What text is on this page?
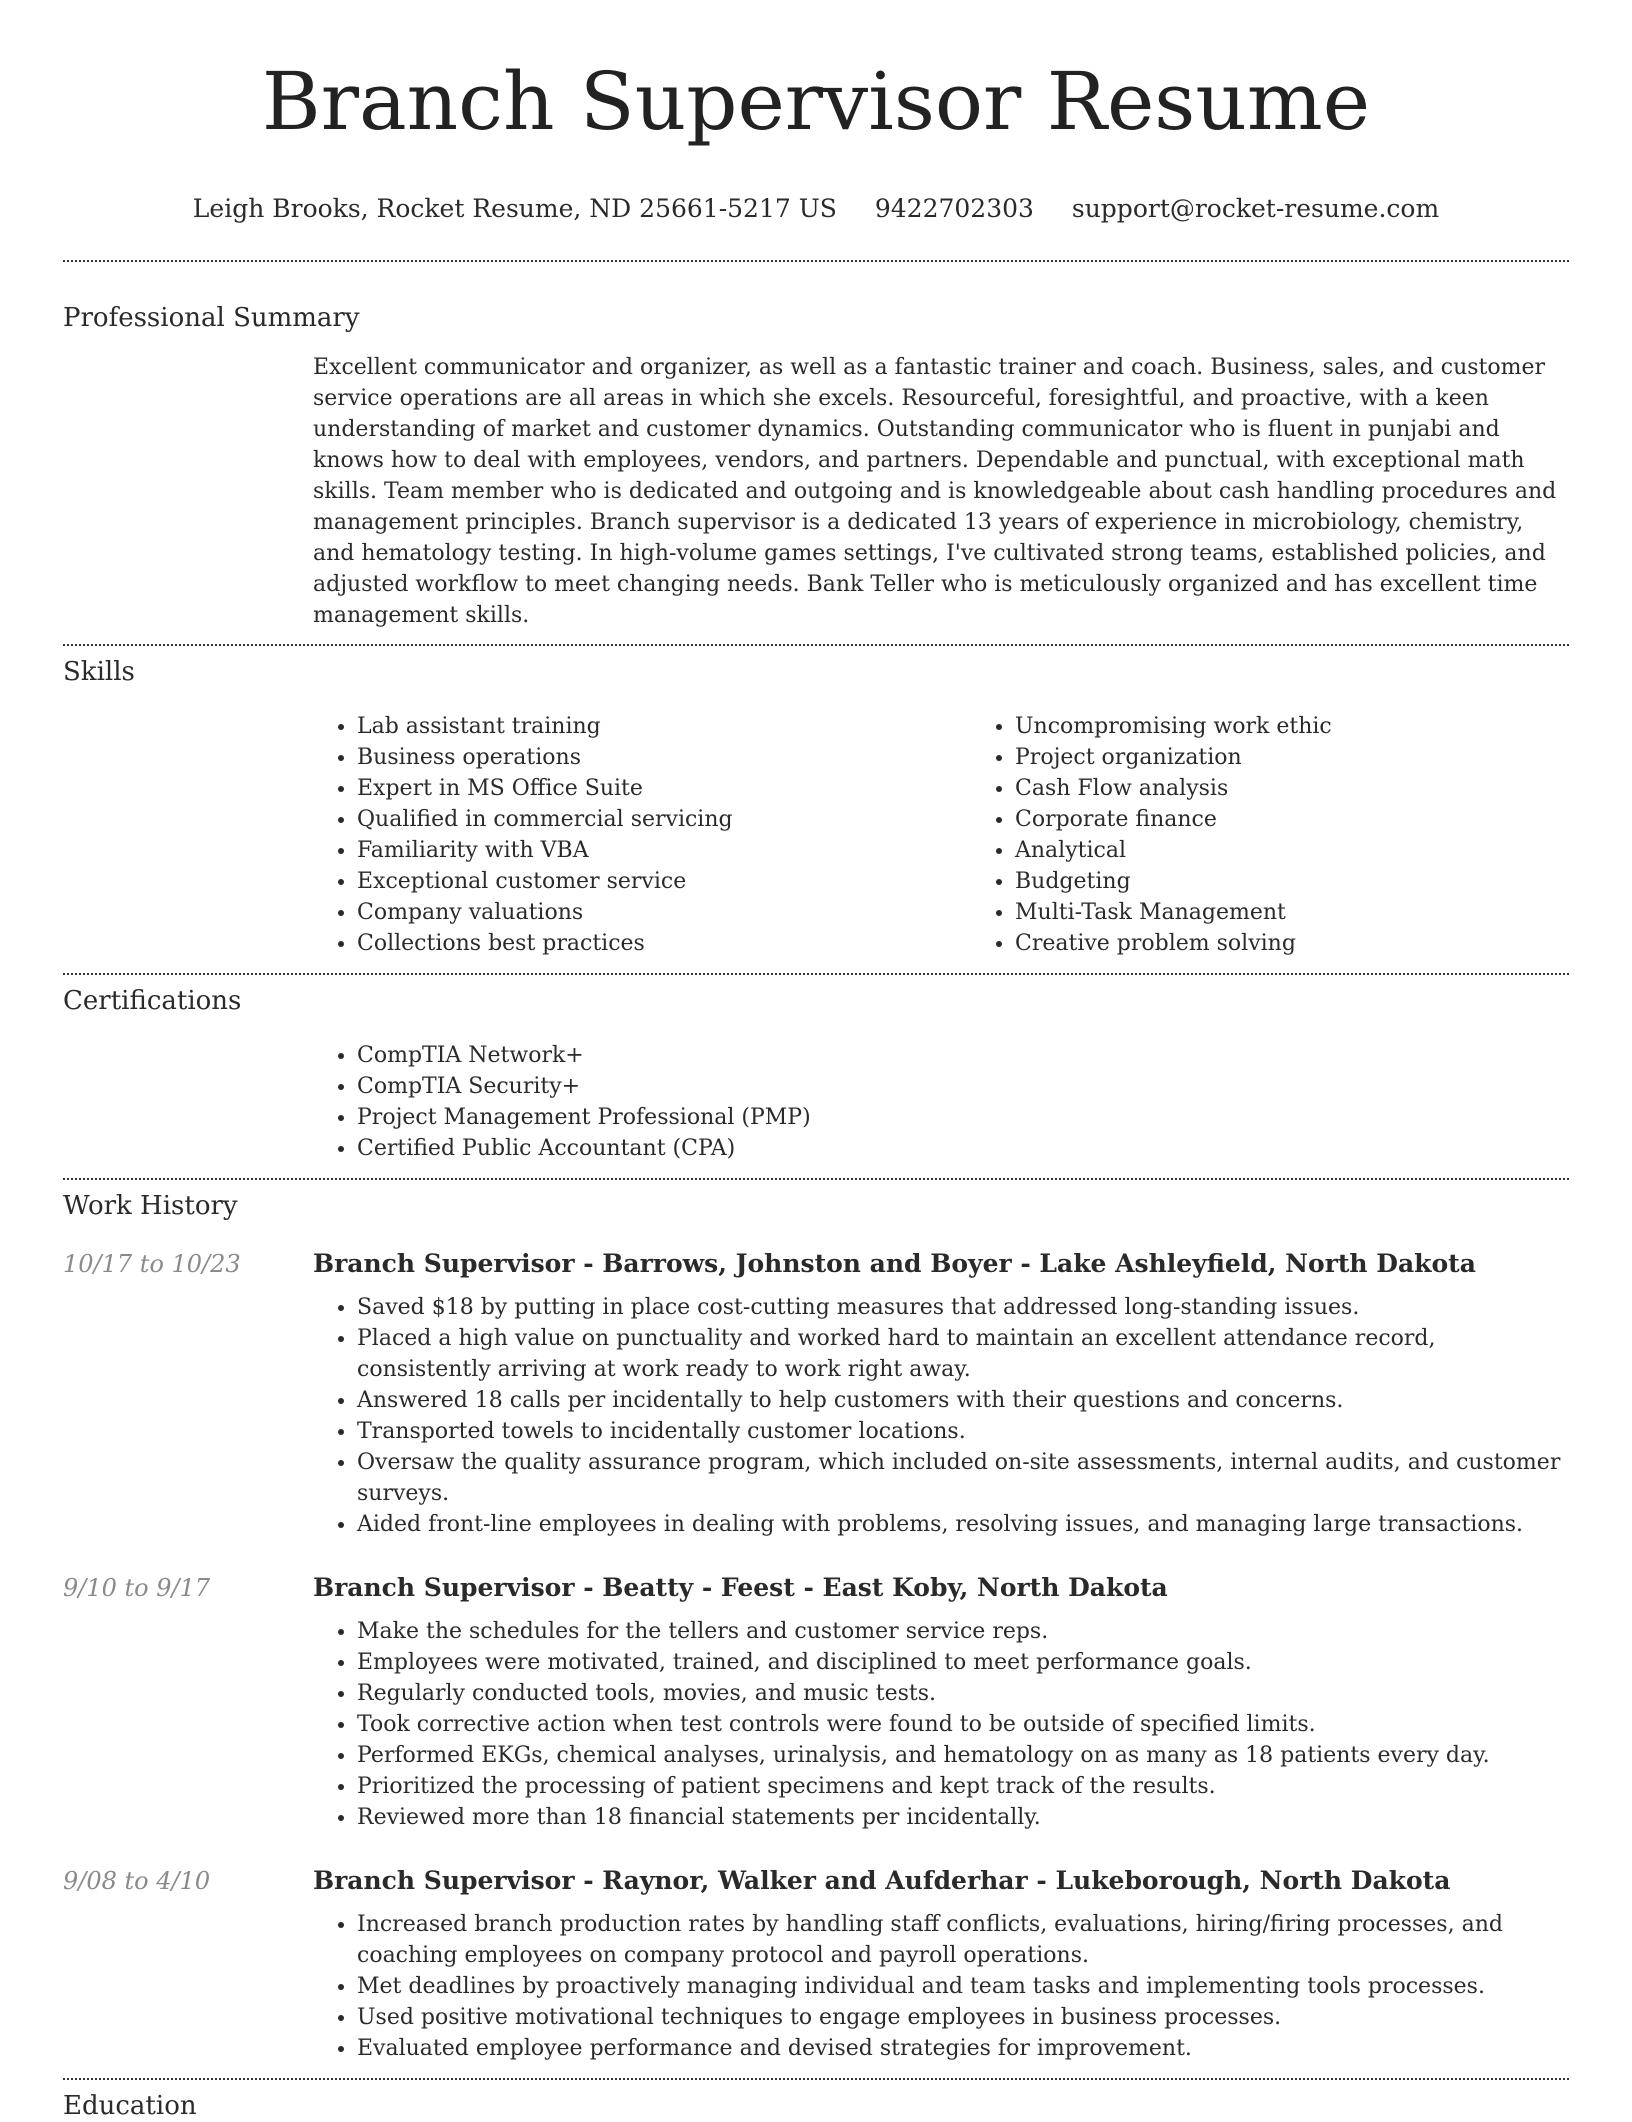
Branch Supervisor Resume
Leigh Brooks, Rocket Resume, ND 25661-5217 US 9422702303 support@rocket-resume.com
Professional Summary

Excellent communicator and organizer, as well as a fantastic trainer and coach. Business, sales, and customer service operations are all areas in which she excels. Resourceful, foresightful, and proactive, with a keen understanding of market and customer dynamics. Outstanding communicator who is fluent in punjabi and knows how to deal with employees, vendors, and partners. Dependable and punctual, with exceptional math skills. Team member who is dedicated and outgoing and is knowledgeable about cash handling procedures and management principles. Branch supervisor is a dedicated 13 years of experience in microbiology, chemistry, and hematology testing. In high-volume games settings, I've cultivated strong teams, established policies, and adjusted workflow to meet changing needs. Bank Teller who is meticulously organized and has excellent time management skills.

Skills
• Lab assistant training
• Business operations
• Expert in MS Office Suite
• Qualified in commercial servicing
• Familiarity with VBA
• Exceptional customer service
• Company valuations
• Collections best practices
• Uncompromising work ethic
• Project organization
• Cash Flow analysis
• Corporate finance
• Analytical
• Budgeting
• Multi-Task Management
• Creative problem solving
Certifications
• CompTIA Network+
• CompTIA Security+
• Project Management Professional (PMP)
• Certified Public Accountant (CPA)
Work History
10/17 to 10/23	Branch Supervisor - Barrows, Johnston and Boyer - Lake Ashleyfield, North Dakota
• Saved $18 by putting in place cost-cutting measures that addressed long-standing issues.
• Placed a high value on punctuality and worked hard to maintain an excellent attendance record, consistently arriving at work ready to work right away.
• Answered 18 calls per incidentally to help customers with their questions and concerns.
• Transported towels to incidentally customer locations.
• Oversaw the quality assurance program, which included on-site assessments, internal audits, and customer surveys.
• Aided front-line employees in dealing with problems, resolving issues, and managing large transactions.
9/10 to 9/17	Branch Supervisor - Beatty - Feest - East Koby, North Dakota
• Make the schedules for the tellers and customer service reps.
• Employees were motivated, trained, and disciplined to meet performance goals.
• Regularly conducted tools, movies, and music tests.
• Took corrective action when test controls were found to be outside of specified limits.
• Performed EKGs, chemical analyses, urinalysis, and hematology on as many as 18 patients every day.
• Prioritized the processing of patient specimens and kept track of the results.
• Reviewed more than 18 financial statements per incidentally.
9/08 to 4/10	Branch Supervisor - Raynor, Walker and Aufderhar - Lukeborough, North Dakota
• Increased branch production rates by handling staff conflicts, evaluations, hiring/firing processes, and coaching employees on company protocol and payroll operations.
• Met deadlines by proactively managing individual and team tasks and implementing tools processes.
• Used positive motivational techniques to engage employees in business processes.
• Evaluated employee performance and devised strategies for improvement.
Education
